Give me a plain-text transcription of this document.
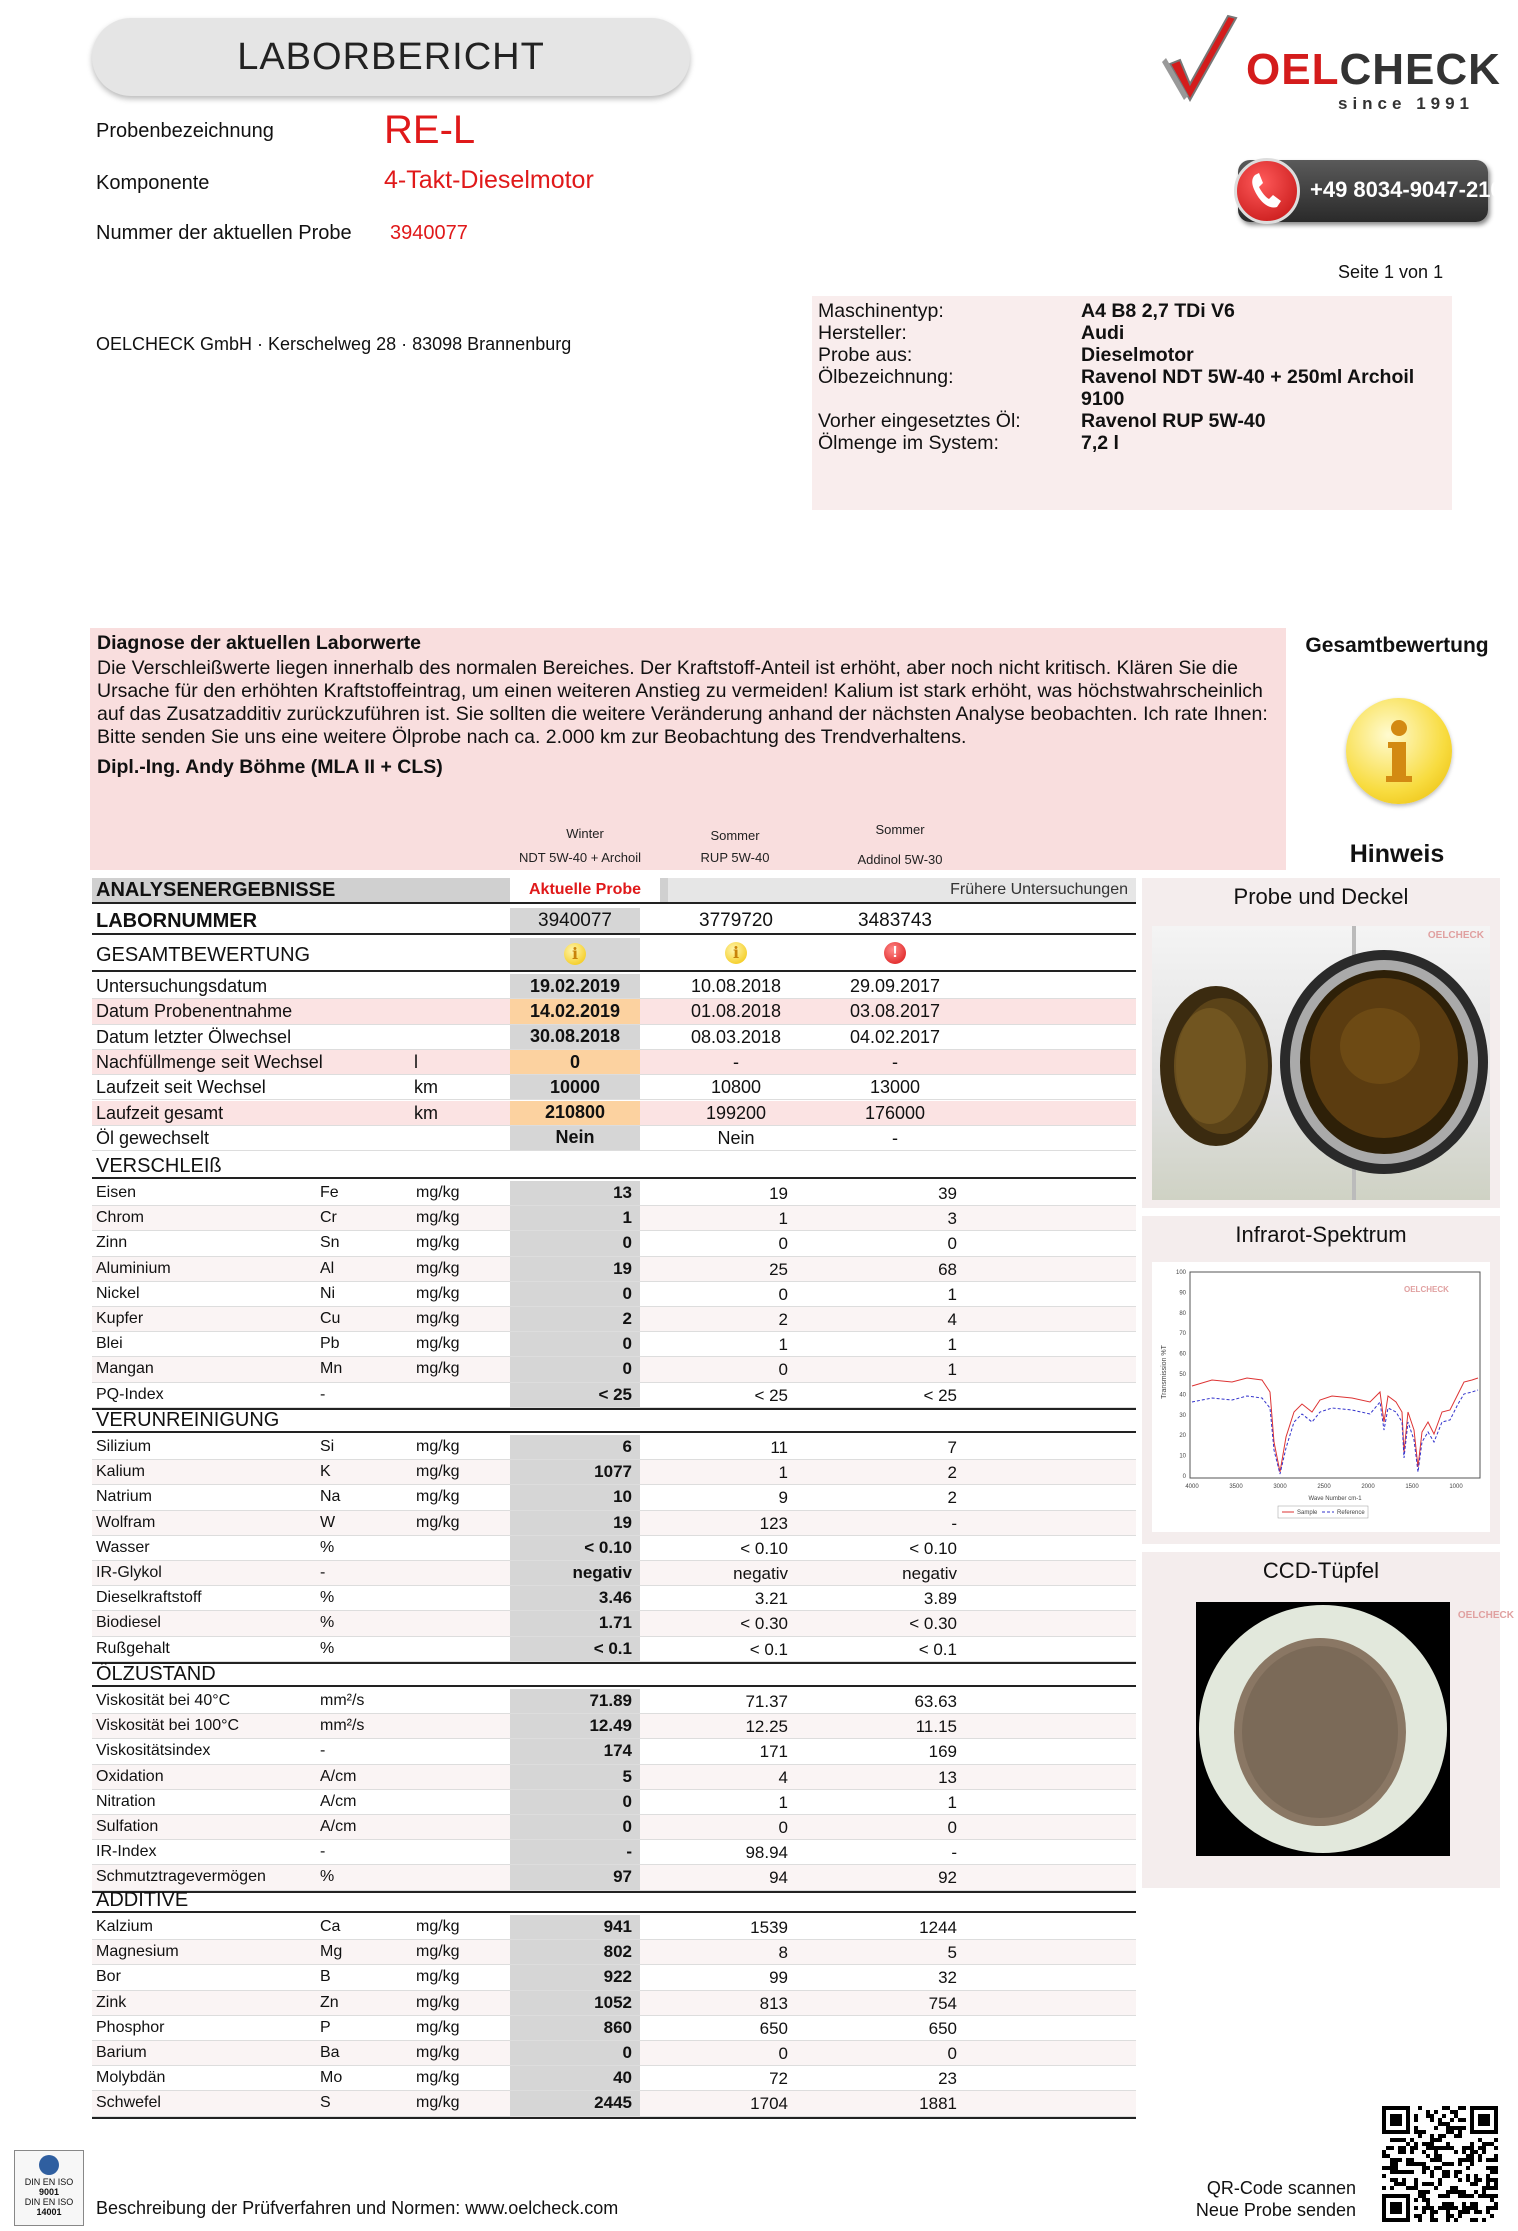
LABORBERICHT
Probenbezeichnung	RE-L
Komponente	4-Takt-Dieselmotor
Nummer der aktuellen Probe 3940077
OELCHECK GmbH · Kerschelweg 28 · 83098 Brannenburg
Seite 1 von 1
OELCHECK
since 1991
+49 8034-9047-210
Maschinentyp:	A4 B8 2,7 TDi V6
Hersteller:	Audi
Probe aus:	Dieselmotor
Ölbezeichnung:	Ravenol NDT 5W-40 + 250ml Archoil 9100
Vorher eingesetztes Öl:	Ravenol RUP 5W-40
Ölmenge im System:	7,2 l
Diagnose der aktuellen Laborwerte
Die Verschleißwerte liegen innerhalb des normalen Bereiches. Der Kraftstoff-Anteil ist erhöht, aber noch nicht kritisch. Klären Sie die Ursache für den erhöhten Kraftstoffeintrag, um einen weiteren Anstieg zu vermeiden! Kalium ist stark erhöht, was höchstwahrscheinlich auf das Zusatzadditiv zurückzuführen ist. Sie sollten die weitere Veränderung anhand der nächsten Analyse beobachten. Ich rate Ihnen: Bitte senden Sie uns eine weitere Ölprobe nach ca. 2.000 km zur Beobachtung des Trendverhaltens.
Dipl.-Ing. Andy Böhme (MLA II + CLS)
Winter
NDT 5W-40 + Archoil
Sommer
RUP 5W-40
Sommer
Addinol 5W-30
Gesamtbewertung
Hinweis
ANALYSENERGEBNISSE	Aktuelle Probe	Frühere Untersuchungen
LABORNUMMER	3940077	3779720	3483743
GESAMTBEWERTUNG	i	i	!
Untersuchungsdatum	19.02.2019	10.08.2018	29.09.2017
Datum Probenentnahme	14.02.2019	01.08.2018	03.08.2017
Datum letzter Ölwechsel	30.08.2018	08.03.2018	04.02.2017
Nachfüllmenge seit Wechsel	l	0	-	-
Laufzeit seit Wechsel	km	10000	10800	13000
Laufzeit gesamt	km	210800	199200	176000
Öl gewechselt	Nein	Nein	-
VERSCHLEIß
Eisen	Fe	mg/kg	13	19	39
Chrom	Cr	mg/kg	1	1	3
Zinn	Sn	mg/kg	0	0	0
Aluminium	Al	mg/kg	19	25	68
Nickel	Ni	mg/kg	0	0	1
Kupfer	Cu	mg/kg	2	2	4
Blei	Pb	mg/kg	0	1	1
Mangan	Mn	mg/kg	0	0	1
PQ-Index	-	< 25	< 25	< 25
VERUNREINIGUNG
Silizium	Si	mg/kg	6	11	7
Kalium	K	mg/kg	1077	1	2
Natrium	Na	mg/kg	10	9	2
Wolfram	W	mg/kg	19	123	-
Wasser	%	< 0.10	< 0.10	< 0.10
IR-Glykol	-	negativ	negativ	negativ
Dieselkraftstoff	%	3.46	3.21	3.89
Biodiesel	%	1.71	< 0.30	< 0.30
Rußgehalt	%	< 0.1	< 0.1	< 0.1
ÖLZUSTAND
Viskosität bei 40°C	mm²/s	71.89	71.37	63.63
Viskosität bei 100°C	mm²/s	12.49	12.25	11.15
Viskositätsindex	-	174	171	169
Oxidation	A/cm	5	4	13
Nitration	A/cm	0	1	1
Sulfation	A/cm	0	0	0
IR-Index	-	-	98.94	-
Schmutztragevermögen	%	97	94	92
ADDITIVE
Kalzium	Ca	mg/kg	941	1539	1244
Magnesium	Mg	mg/kg	802	8	5
Bor	B	mg/kg	922	99	32
Zink	Zn	mg/kg	1052	813	754
Phosphor	P	mg/kg	860	650	650
Barium	Ba	mg/kg	0	0	0
Molybdän	Mo	mg/kg	40	72	23
Schwefel	S	mg/kg	2445	1704	1881
Probe und Deckel
OELCHECK
Infrarot-Spektrum
100
90
80
70
60
50
40
30
20
10
0
4000	3500	3000	2500	2000	1500	1000
Transmission %T
Wave Number cm-1
Sample	Reference
OELCHECK
CCD-Tüpfel
OELCHECK
DIN EN ISO
9001
DIN EN ISO
14001	Beschreibung der Prüfverfahren und Normen: www.oelcheck.com
QR-Code scannen
Neue Probe senden
